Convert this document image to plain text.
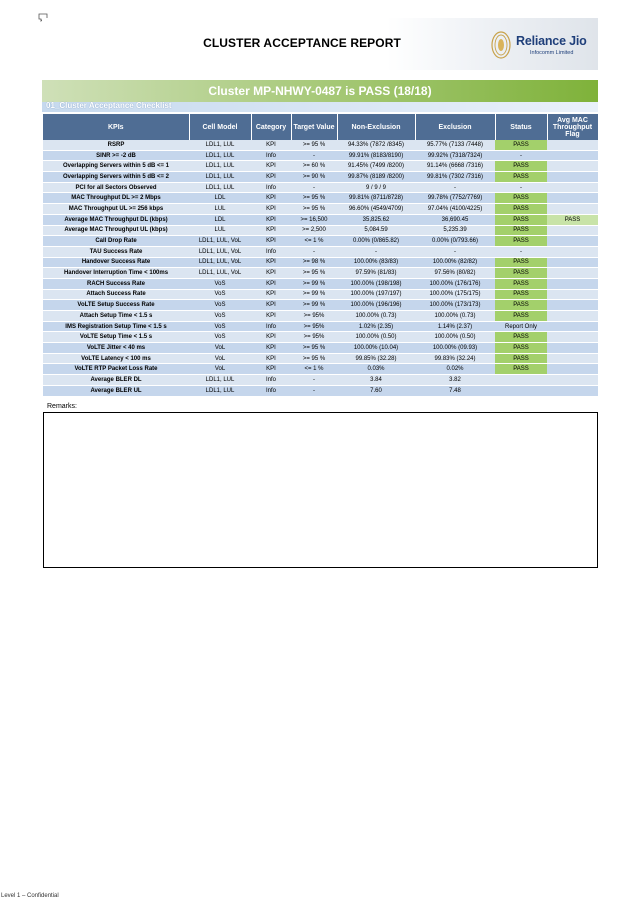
CLUSTER ACCEPTANCE REPORT	Reliance Jio
Infocomm Limited
Cluster MP-NHWY-0487 is PASS (18/18)
01_Cluster Acceptance Checklist
KPIs	Cell Model	Category	Target Value	Non-Exclusion	Exclusion	Status	Avg MAC Throughput Flag
RSRP	LDL1, LUL	KPI	>= 95 %	94.33% (7872 /8345)	95.77% (7133 /7448)	PASS	
SINR >= -2 dB	LDL1, LUL	Info	-	99.91% (8183/8190)	99.92% (7318/7324)	-	
Overlapping Servers within 5 dB <= 1	LDL1, LUL	KPI	>= 60 %	91.45% (7499 /8200)	91.14% (6668 /7316)	PASS	
Overlapping Servers within 5 dB <= 2	LDL1, LUL	KPI	>= 90 %	99.87% (8189 /8200)	99.81% (7302 /7316)	PASS	
PCI for all Sectors Observed	LDL1, LUL	Info	-	9 / 9 / 9	-	-	
MAC Throughput DL >= 2 Mbps	LDL	KPI	>= 95 %	99.81% (8711/8728)	99.78% (7752/7769)	PASS	
MAC Throughput UL >= 256 kbps	LUL	KPI	>= 95 %	96.60% (4549/4709)	97.04% (4100/4225)	PASS	
Average MAC Throughput DL (kbps)	LDL	KPI	>= 16,500	35,825.62	36,690.45	PASS	PASS
Average MAC Throughput UL (kbps)	LUL	KPI	>= 2,500	5,084.59	5,235.39	PASS	
Call Drop Rate	LDL1, LUL, VoL	KPI	<= 1 %	0.00% (0/865.82)	0.00% (0/793.66)	PASS	
TAU Success Rate	LDL1, LUL, VoL	Info	-	-	-	-	
Handover Success Rate	LDL1, LUL, VoL	KPI	>= 98 %	100.00% (83/83)	100.00% (82/82)	PASS	
Handover Interruption Time < 100ms	LDL1, LUL, VoL	KPI	>= 95 %	97.59% (81/83)	97.56% (80/82)	PASS	
RACH Success Rate	VoS	KPI	>= 99 %	100.00% (198/198)	100.00% (176/176)	PASS	
Attach Success Rate	VoS	KPI	>= 99 %	100.00% (197/197)	100.00% (175/175)	PASS	
VoLTE Setup Success Rate	VoS	KPI	>= 99 %	100.00% (196/196)	100.00% (173/173)	PASS	
Attach Setup Time < 1.5 s	VoS	KPI	>= 95%	100.00% (0.73)	100.00% (0.73)	PASS	
IMS Registration Setup Time < 1.5 s	VoS	Info	>= 95%	1.02% (2.35)	1.14% (2.37)	Report Only	
VoLTE Setup Time < 1.5 s	VoS	KPI	>= 95%	100.00% (0.50)	100.00% (0.50)	PASS	
VoLTE Jitter < 40 ms	VoL	KPI	>= 95 %	100.00% (10.04)	100.00% (09.93)	PASS	
VoLTE Latency < 100 ms	VoL	KPI	>= 95 %	99.85% (32.28)	99.83% (32.24)	PASS	
VoLTE RTP Packet Loss Rate	VoL	KPI	<= 1 %	0.03%	0.02%	PASS	
Average BLER DL	LDL1, LUL	Info	-	3.84	3.82		
Average BLER UL	LDL1, LUL	Info	-	7.60	7.48		
Remarks:
Level 1 – Confidential
